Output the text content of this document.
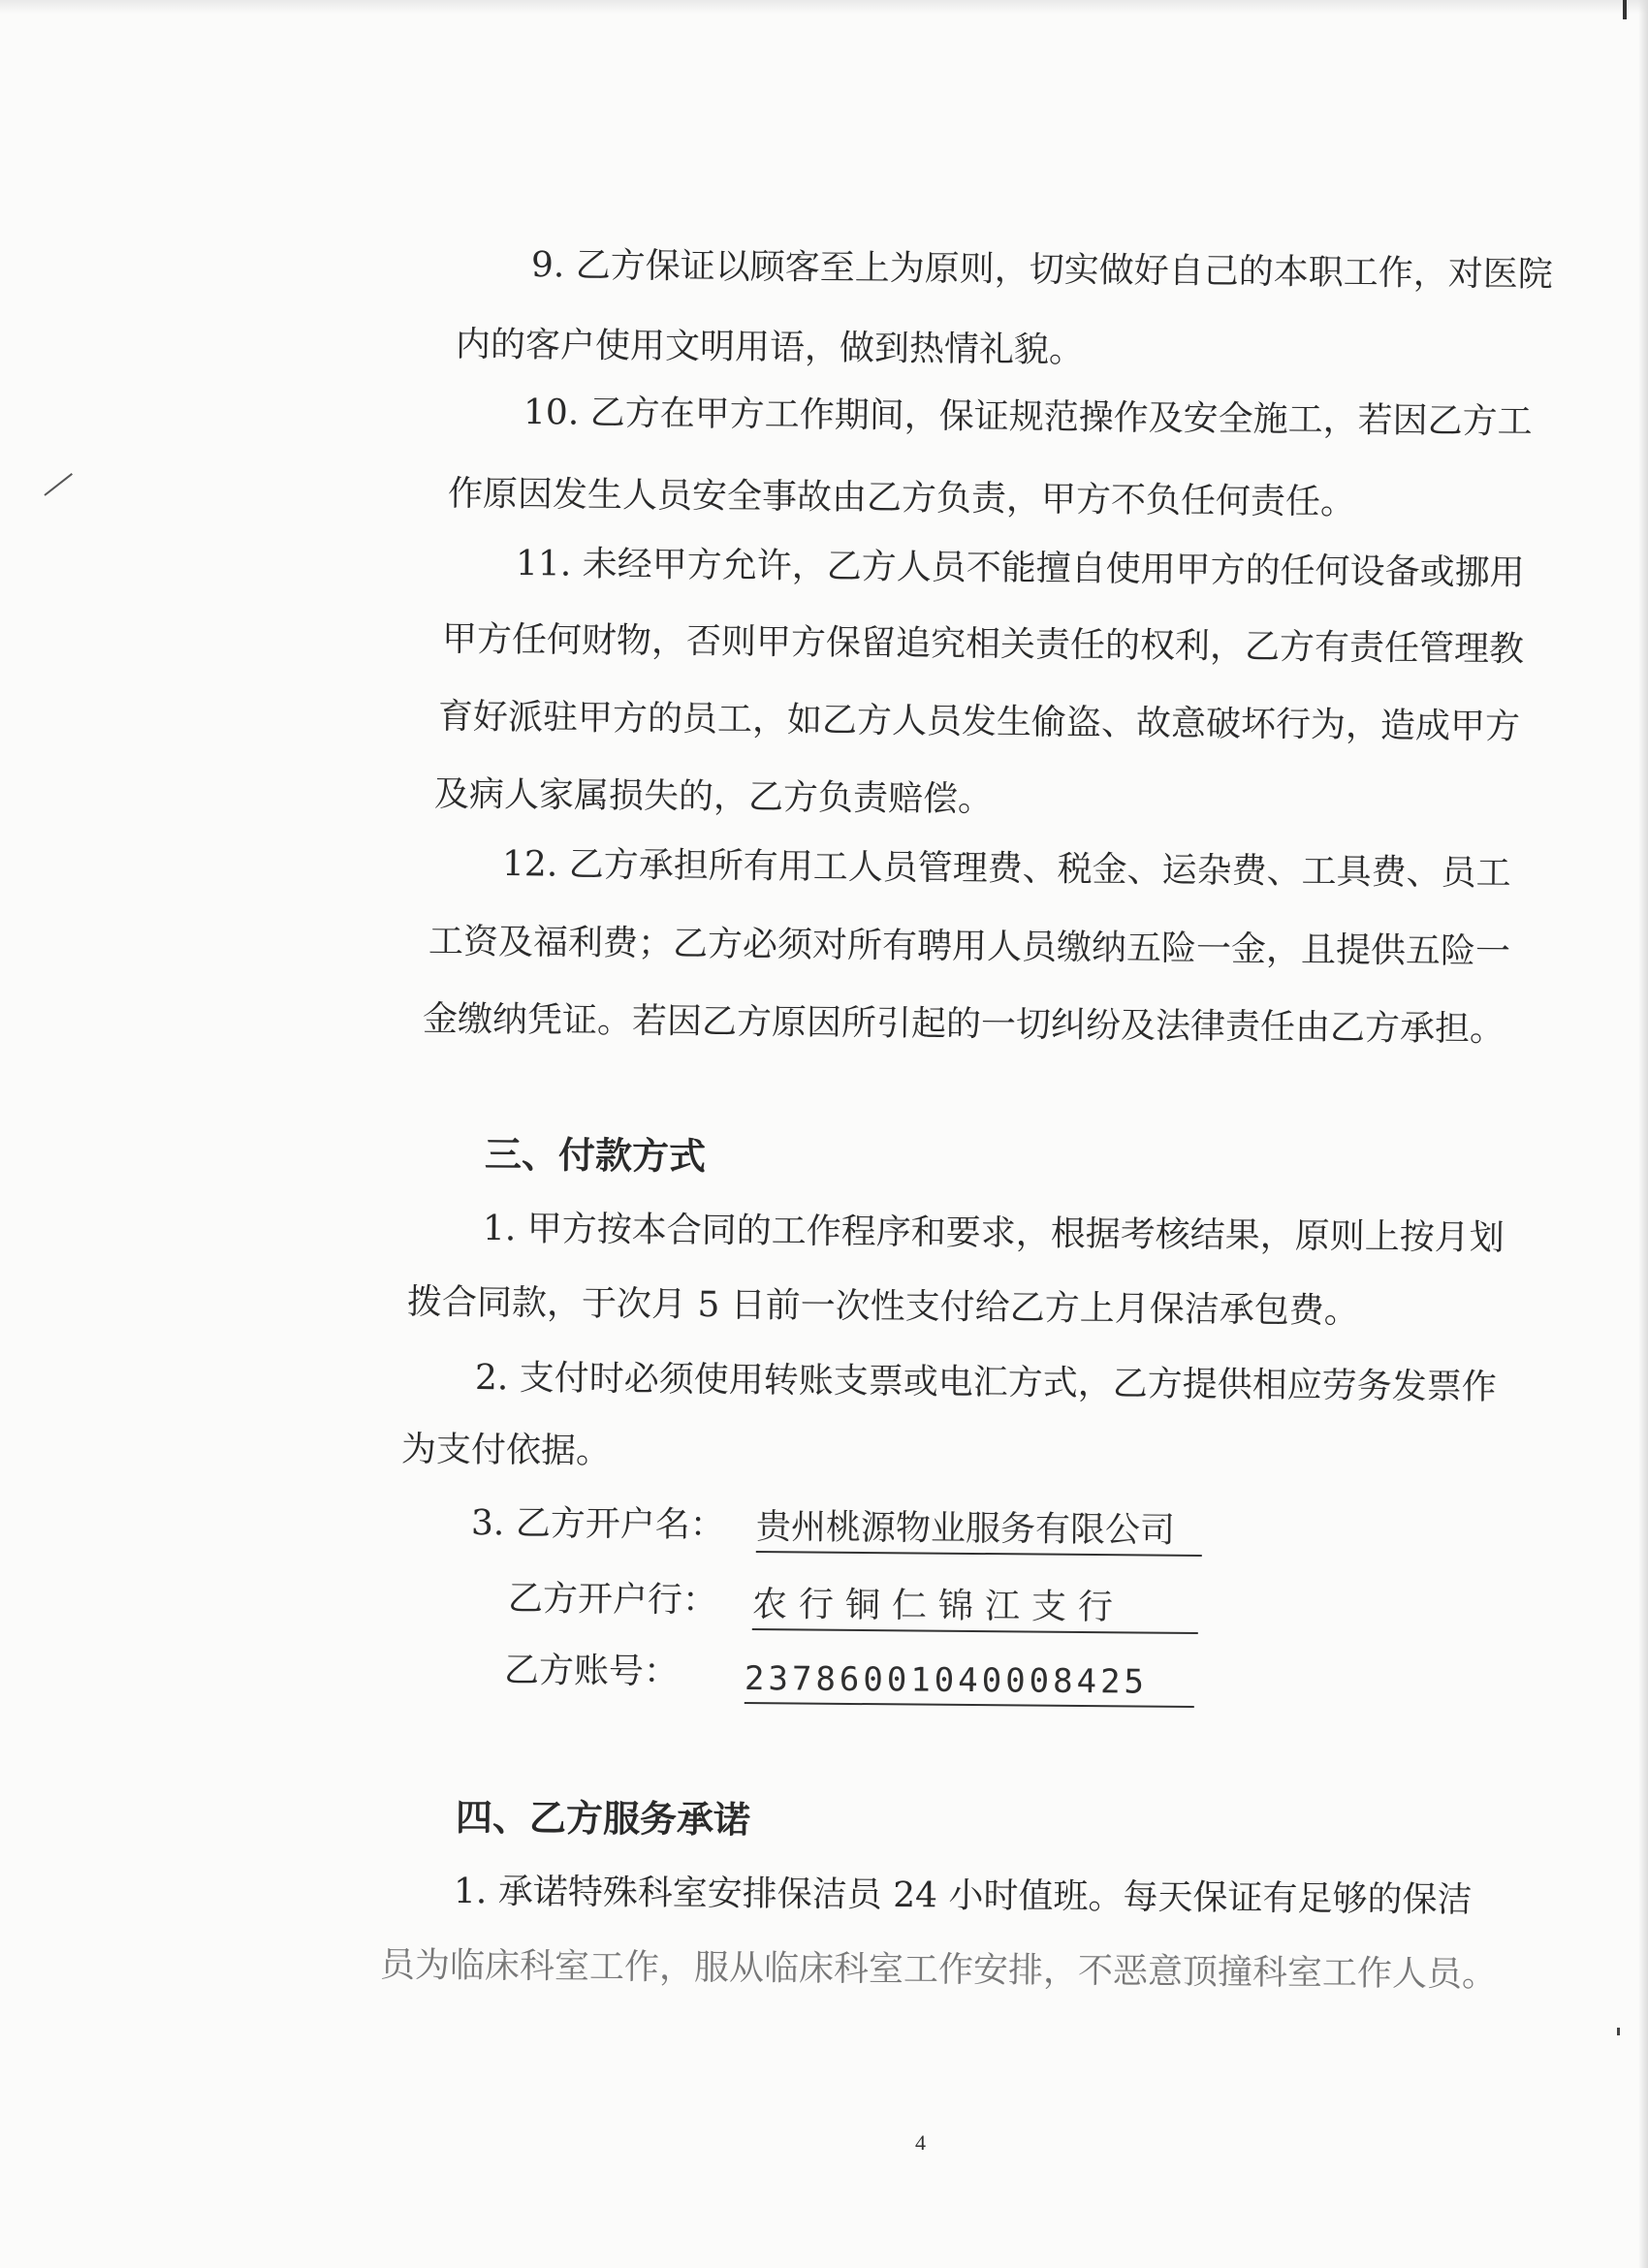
9. 乙方保证以顾客至上为原则，切实做好自己的本职工作，对医院

内的客户使用文明用语，做到热情礼貌。

10. 乙方在甲方工作期间，保证规范操作及安全施工，若因乙方工

作原因发生人员安全事故由乙方负责，甲方不负任何责任。

11. 未经甲方允许，乙方人员不能擅自使用甲方的任何设备或挪用

甲方任何财物，否则甲方保留追究相关责任的权利，乙方有责任管理教

育好派驻甲方的员工，如乙方人员发生偷盗、故意破坏行为，造成甲方

及病人家属损失的，乙方负责赔偿。

12. 乙方承担所有用工人员管理费、税金、运杂费、工具费、员工

工资及福利费；乙方必须对所有聘用人员缴纳五险一金，且提供五险一

金缴纳凭证。若因乙方原因所引起的一切纠纷及法律责任由乙方承担。

三、付款方式

1. 甲方按本合同的工作程序和要求，根据考核结果，原则上按月划

拨合同款，于次月 5 日前一次性支付给乙方上月保洁承包费。

2. 支付时必须使用转账支票或电汇方式，乙方提供相应劳务发票作

为支付依据。

3. 乙方开户名： 贵州桃源物业服务有限公司

乙方开户行： 农行铜仁锦江支行

乙方账号： 23786001040008425

四、乙方服务承诺

1. 承诺特殊科室安排保洁员 24 小时值班。每天保证有足够的保洁

员为临床科室工作，服从临床科室工作安排，不恶意顶撞科室工作人员。

4
